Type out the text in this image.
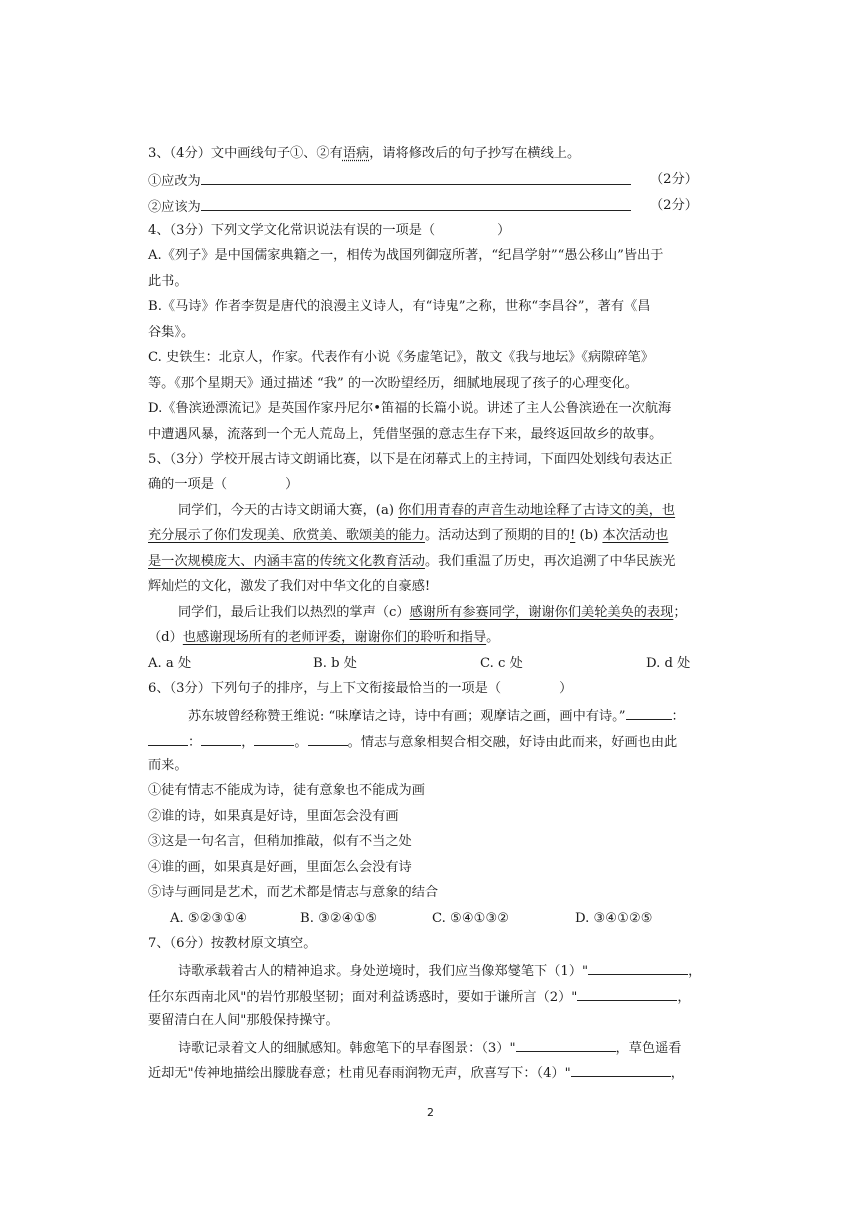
3、（4分）文中画线句子①、②有语病，请将修改后的句子抄写在横线上。
①应改为	（2分）
②应该为	（2分）
4、（3分）下列文学文化常识说法有误的一项是（	）
A.《列子》是中国儒家典籍之一，相传为战国列御寇所著，“纪昌学射”“愚公移山”皆出于
此书。
B.《马诗》作者李贺是唐代的浪漫主义诗人，有“诗鬼”之称，世称“李昌谷”，著有《昌
谷集》。
C. 史铁生：北京人，作家。代表作有小说《务虚笔记》，散文《我与地坛》《病隙碎笔》
等。《那个星期天》通过描述 “我” 的一次盼望经历，细腻地展现了孩子的心理变化。
D.《鲁滨逊漂流记》是英国作家丹尼尔•笛福的长篇小说。讲述了主人公鲁滨逊在一次航海
中遭遇风暴，流落到一个无人荒岛上，凭借坚强的意志生存下来，最终返回故乡的故事。
5、（3分）学校开展古诗文朗诵比赛，以下是在闭幕式上的主持词，下面四处划线句表达正
确的一项是（	）
同学们，今天的古诗文朗诵大赛，(a) 你们用青春的声音生动地诠释了古诗文的美，也
充分展示了你们发现美、欣赏美、歌颂美的能力。活动达到了预期的目的! (b) 本次活动也
是一次规模庞大、内涵丰富的传统文化教育活动。我们重温了历史，再次追溯了中华民族光
辉灿烂的文化，激发了我们对中华文化的自豪感!
同学们，最后让我们以热烈的掌声（c）感谢所有参赛同学，谢谢你们美轮美奂的表现；
（d）也感谢现场所有的老师评委，谢谢你们的聆听和指导。
A. a 处	B. b 处	C. c 处	D. d 处
6、（3分）下列句子的排序，与上下文衔接最恰当的一项是（	）
苏东坡曾经称赞王维说: “味摩诘之诗，诗中有画；观摩诘之画，画中有诗。”	：
：	，	。	。情志与意象相契合相交融，好诗由此而来，好画也由此
而来。
①徒有情志不能成为诗，徒有意象也不能成为画
②谁的诗，如果真是好诗，里面怎会没有画
③这是一句名言，但稍加推敲，似有不当之处
④谁的画，如果真是好画，里面怎么会没有诗
⑤诗与画同是艺术，而艺术都是情志与意象的结合
A. ⑤②③①④	B. ③②④①⑤	C. ⑤④①③②	D. ③④①②⑤
7、（6分）按教材原文填空。
诗歌承载着古人的精神追求。身处逆境时，我们应当像郑燮笔下（1）"	，
任尔东西南北风"的岩竹那般坚韧；面对利益诱惑时，要如于谦所言（2）"	，
要留清白在人间"那般保持操守。
诗歌记录着文人的细腻感知。韩愈笔下的早春图景：（3）"	，草色遥看
近却无"传神地描绘出朦胧春意；杜甫见春雨润物无声，欣喜写下：（4）"	，
2
